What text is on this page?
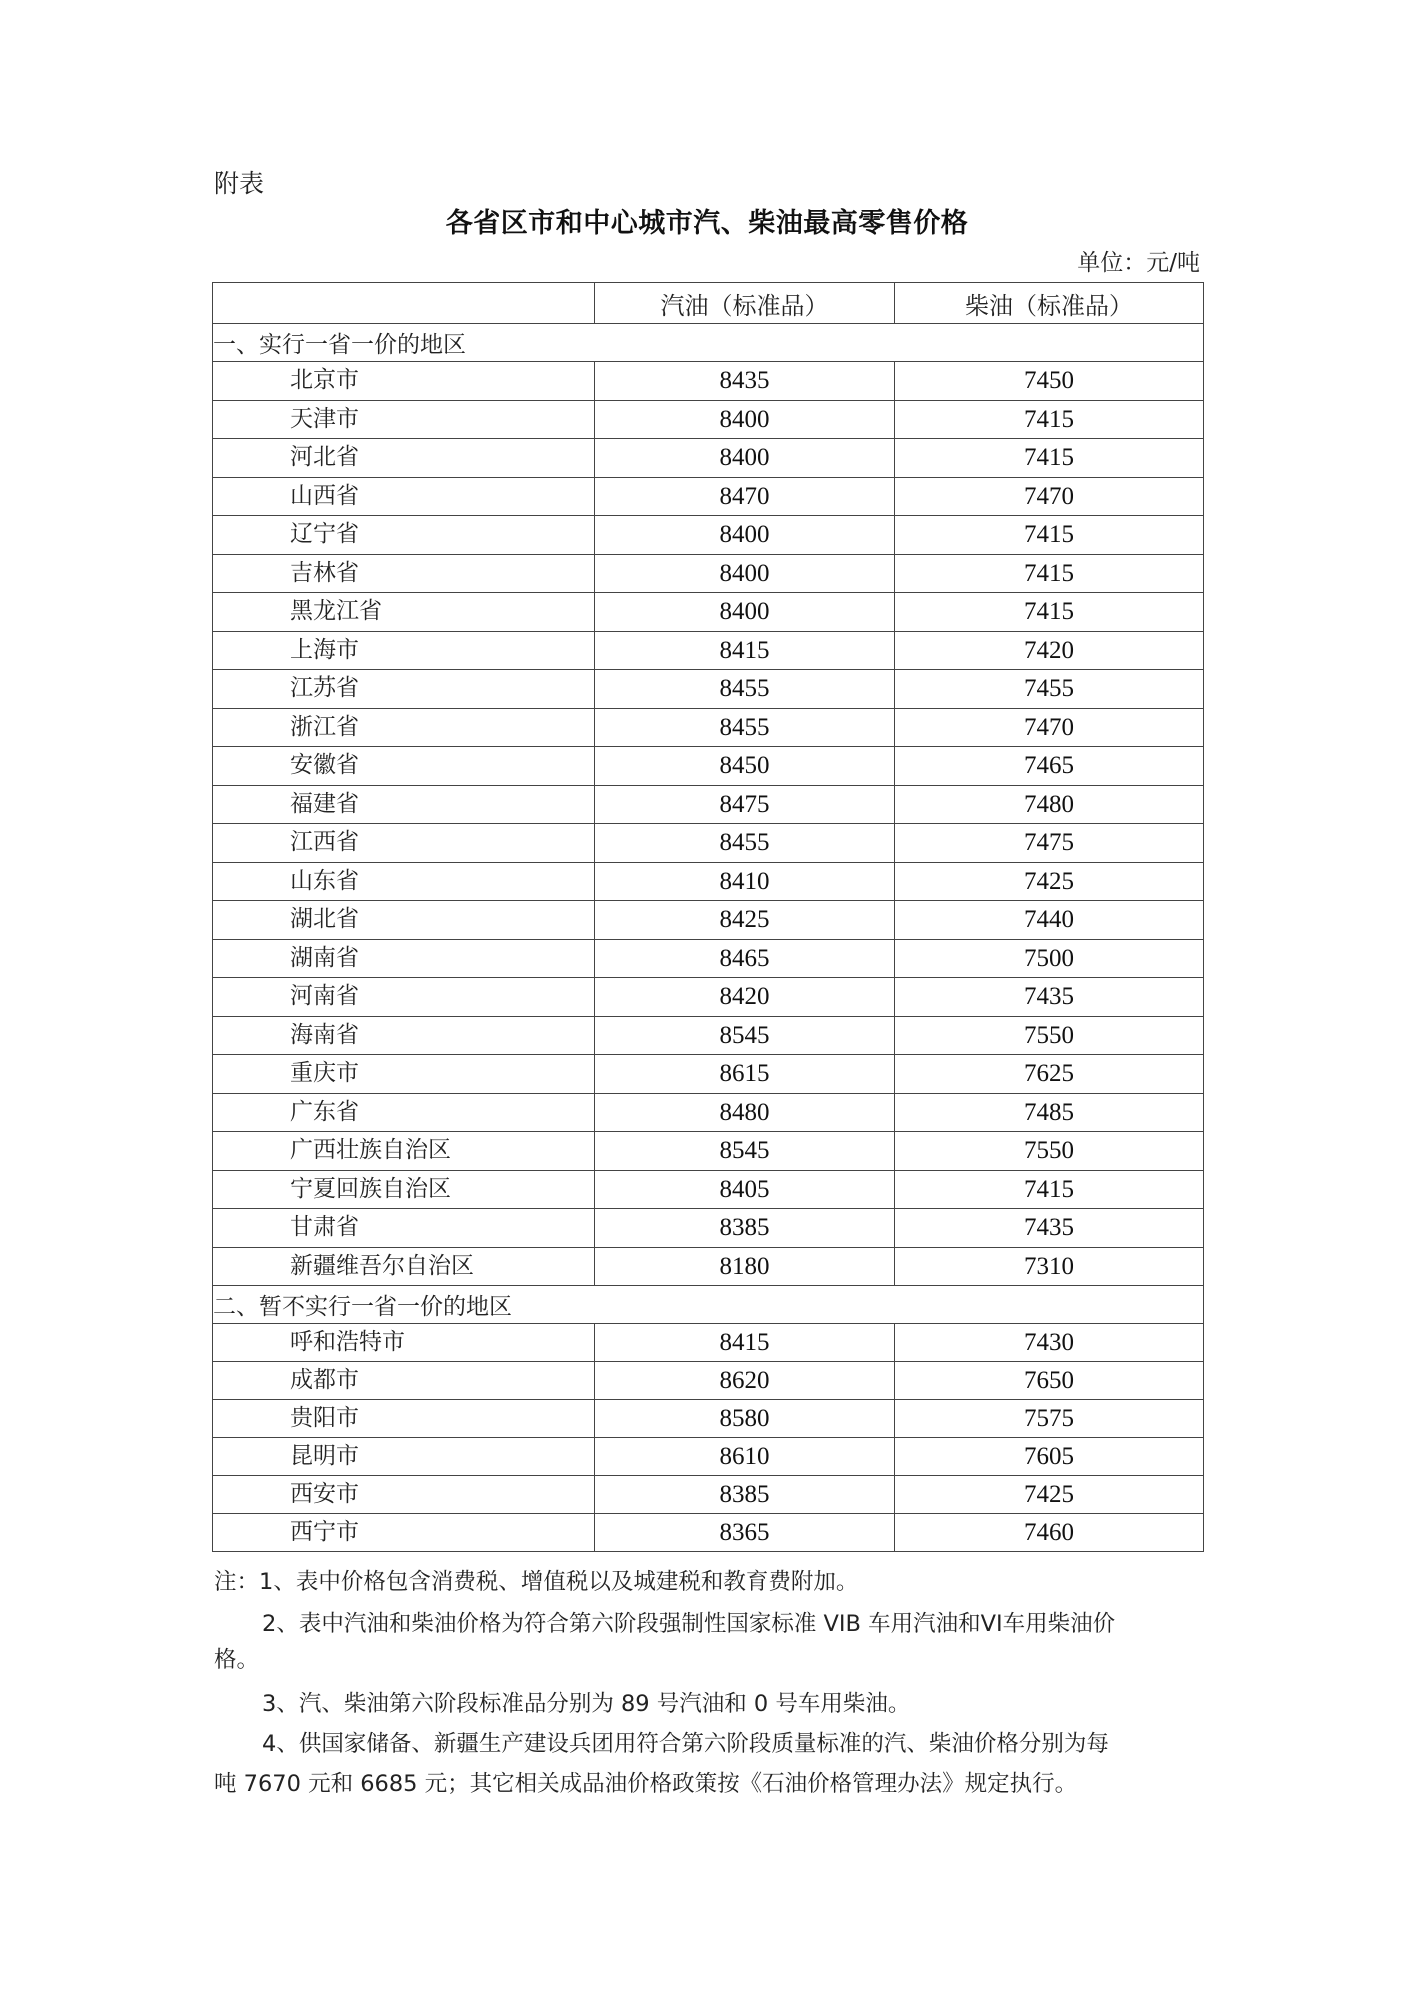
附表
各省区市和中心城市汽、柴油最高零售价格
单位：元/吨
	汽油（标准品）	柴油（标准品）
一、实行一省一价的地区		
北京市	8435	7450
天津市	8400	7415
河北省	8400	7415
山西省	8470	7470
辽宁省	8400	7415
吉林省	8400	7415
黑龙江省	8400	7415
上海市	8415	7420
江苏省	8455	7455
浙江省	8455	7470
安徽省	8450	7465
福建省	8475	7480
江西省	8455	7475
山东省	8410	7425
湖北省	8425	7440
湖南省	8465	7500
河南省	8420	7435
海南省	8545	7550
重庆市	8615	7625
广东省	8480	7485
广西壮族自治区	8545	7550
宁夏回族自治区	8405	7415
甘肃省	8385	7435
新疆维吾尔自治区	8180	7310
二、暂不实行一省一价的地区		
呼和浩特市	8415	7430
成都市	8620	7650
贵阳市	8580	7575
昆明市	8610	7605
西安市	8385	7425
西宁市	8365	7460
注：1、表中价格包含消费税、增值税以及城建税和教育费附加。
2、表中汽油和柴油价格为符合第六阶段强制性国家标准 VIB 车用汽油和VI车用柴油价
格。
3、汽、柴油第六阶段标准品分别为 89 号汽油和 0 号车用柴油。
4、供国家储备、新疆生产建设兵团用符合第六阶段质量标准的汽、柴油价格分别为每
吨 7670 元和 6685 元；其它相关成品油价格政策按《石油价格管理办法》规定执行。
